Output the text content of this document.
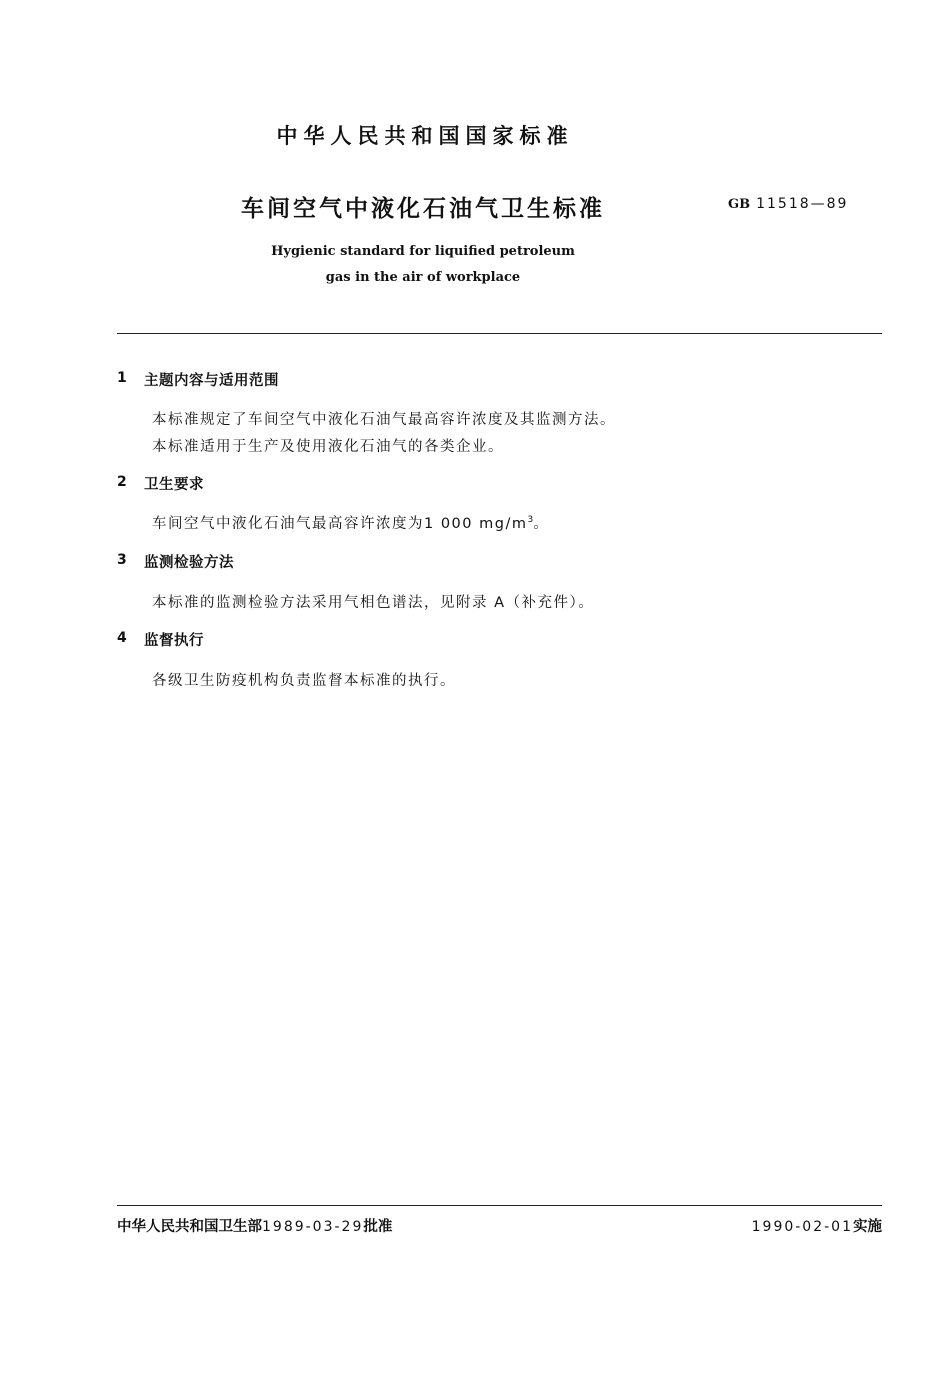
中华人民共和国国家标准
车间空气中液化石油气卫生标准	GB 11518—89
Hygienic standard for liquified petroleum
gas in the air of workplace
1 主题内容与适用范围
本标准规定了车间空气中液化石油气最高容许浓度及其监测方法。
本标准适用于生产及使用液化石油气的各类企业。
2 卫生要求
车间空气中液化石油气最高容许浓度为1 000 $mg/m^3$。
3 监测检验方法
本标准的监测检验方法采用气相色谱法，见附录 A（补充件）。
4 监督执行
各级卫生防疫机构负责监督本标准的执行。
中华人民共和国卫生部1989-03-29批准	1990-02-01实施
